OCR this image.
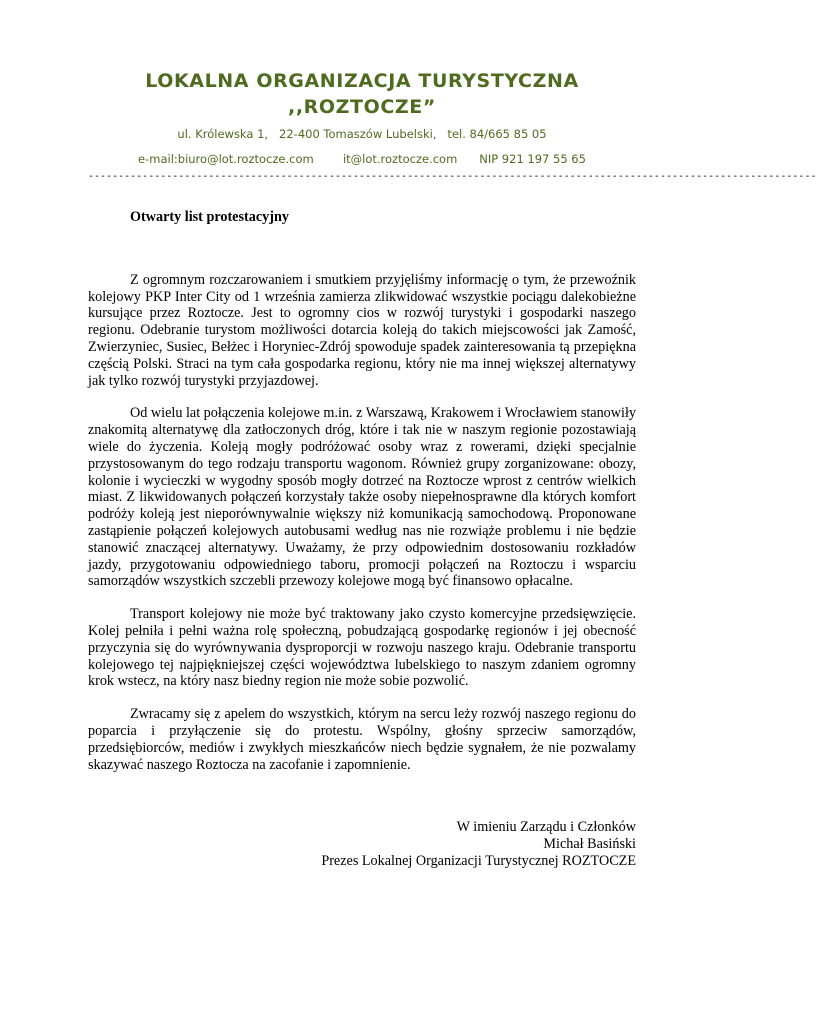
LOKALNA ORGANIZACJA TURYSTYCZNA ,,ROZTOCZE”
ul. Królewska 1,   22-400 Tomaszów Lubelski,   tel. 84/665 85 05
e-mail:biuro@lot.roztocze.com        it@lot.roztocze.com      NIP 921 197 55 65
-------------------------------------------------------------------------------------------------------------------------
Otwarty list protestacyjny

Z ogromnym rozczarowaniem i smutkiem przyjęliśmy informację o tym, że przewoźnik kolejowy PKP Inter City od 1 września zamierza zlikwidować wszystkie pociągu dalekobieżne kursujące przez Roztocze. Jest to ogromny cios w rozwój turystyki i gospodarki naszego regionu. Odebranie turystom możliwości dotarcia koleją do takich miejscowości jak Zamość, Zwierzyniec, Susiec, Bełżec i Horyniec-Zdrój spowoduje spadek zainteresowania tą przepiękna częścią Polski. Straci na tym cała gospodarka regionu, który nie ma innej większej alternatywy jak tylko rozwój turystyki przyjazdowej.

Od wielu lat połączenia kolejowe m.in. z Warszawą, Krakowem i Wrocławiem stanowiły znakomitą alternatywę dla zatłoczonych dróg, które i tak nie w naszym regionie pozostawiają wiele do życzenia. Koleją mogły podróżować osoby wraz z rowerami, dzięki specjalnie przystosowanym do tego rodzaju transportu wagonom. Również grupy zorganizowane: obozy, kolonie i wycieczki w wygodny sposób mogły dotrzeć na Roztocze wprost z centrów wielkich miast. Z likwidowanych połączeń korzystały także osoby niepełnosprawne dla których komfort podróży koleją jest nieporównywalnie większy niż komunikacją samochodową. Proponowane zastąpienie połączeń kolejowych autobusami według nas nie rozwiąże problemu i nie będzie stanowić znaczącej alternatywy. Uważamy, że przy odpowiednim dostosowaniu rozkładów jazdy, przygotowaniu odpowiedniego taboru, promocji połączeń na Roztoczu i wsparciu samorządów wszystkich szczebli przewozy kolejowe mogą być finansowo opłacalne.

Transport kolejowy nie może być traktowany jako czysto komercyjne przedsięwzięcie. Kolej pełniła i pełni ważna rolę społeczną, pobudzającą gospodarkę regionów i jej obecność przyczynia się do wyrównywania dysproporcji w rozwoju naszego kraju. Odebranie transportu kolejowego tej najpiękniejszej części województwa lubelskiego to naszym zdaniem ogromny krok wstecz, na który nasz biedny region nie może sobie pozwolić.

Zwracamy się z apelem do wszystkich, którym na sercu leży rozwój naszego regionu do poparcia i przyłączenie się do protestu. Wspólny, głośny sprzeciw samorządów, przedsiębiorców, mediów i zwykłych mieszkańców niech będzie sygnałem, że nie pozwalamy skazywać naszego Roztocza na zacofanie i zapomnienie.

W imieniu Zarządu i Członków
Michał Basiński
Prezes Lokalnej Organizacji Turystycznej ROZTOCZE
